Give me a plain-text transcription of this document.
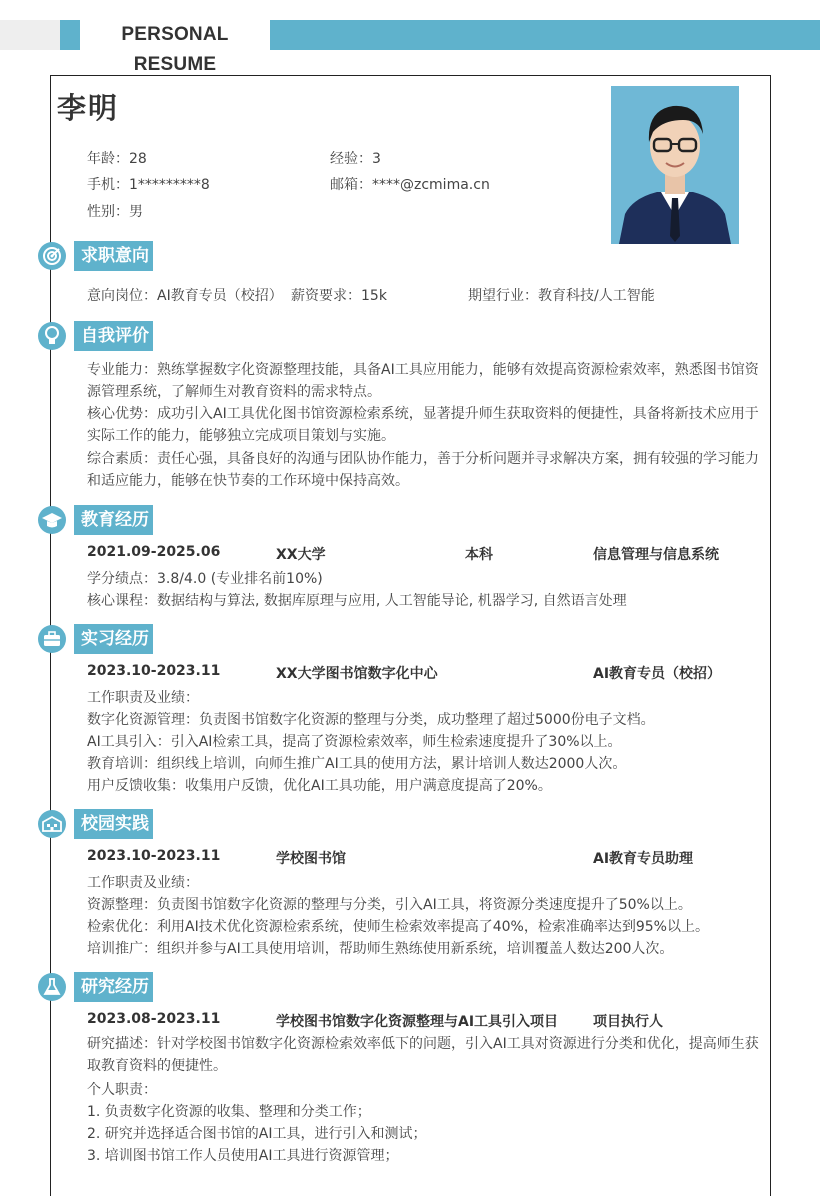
PERSONAL RESUME
李明
年龄：28	经验：3
手机：1*********8	邮箱：****@zcmima.cn
性别：男
求职意向
意向岗位：AI教育专员（校招） 薪资要求：15k	期望行业：教育科技/人工智能
自我评价
专业能力：熟练掌握数字化资源整理技能，具备AI工具应用能力，能够有效提高资源检索效率，熟悉图书馆资源管理系统，了解师生对教育资料的需求特点。
核心优势：成功引入AI工具优化图书馆资源检索系统，显著提升师生获取资料的便捷性，具备将新技术应用于实际工作的能力，能够独立完成项目策划与实施。
综合素质：责任心强，具备良好的沟通与团队协作能力，善于分析问题并寻求解决方案，拥有较强的学习能力和适应能力，能够在快节奏的工作环境中保持高效。
教育经历
2021.09-2025.06	XX大学	本科	信息管理与信息系统
学分绩点：3.8/4.0 (专业排名前10%)
核心课程：数据结构与算法, 数据库原理与应用, 人工智能导论, 机器学习, 自然语言处理
实习经历
2023.10-2023.11	XX大学图书馆数字化中心	AI教育专员（校招）
工作职责及业绩：
数字化资源管理：负责图书馆数字化资源的整理与分类，成功整理了超过5000份电子文档。
AI工具引入：引入AI检索工具，提高了资源检索效率，师生检索速度提升了30%以上。
教育培训：组织线上培训，向师生推广AI工具的使用方法，累计培训人数达2000人次。
用户反馈收集：收集用户反馈，优化AI工具功能，用户满意度提高了20%。
校园实践
2023.10-2023.11	学校图书馆	AI教育专员助理
工作职责及业绩：
资源整理：负责图书馆数字化资源的整理与分类，引入AI工具，将资源分类速度提升了50%以上。
检索优化：利用AI技术优化资源检索系统，使师生检索效率提高了40%，检索准确率达到95%以上。
培训推广：组织并参与AI工具使用培训，帮助师生熟练使用新系统，培训覆盖人数达200人次。
研究经历
2023.08-2023.11	学校图书馆数字化资源整理与AI工具引入项目 项目执行人
研究描述：针对学校图书馆数字化资源检索效率低下的问题，引入AI工具对资源进行分类和优化，提高师生获取教育资料的便捷性。
个人职责：
1. 负责数字化资源的收集、整理和分类工作；
2. 研究并选择适合图书馆的AI工具，进行引入和测试；
3. 培训图书馆工作人员使用AI工具进行资源管理；
